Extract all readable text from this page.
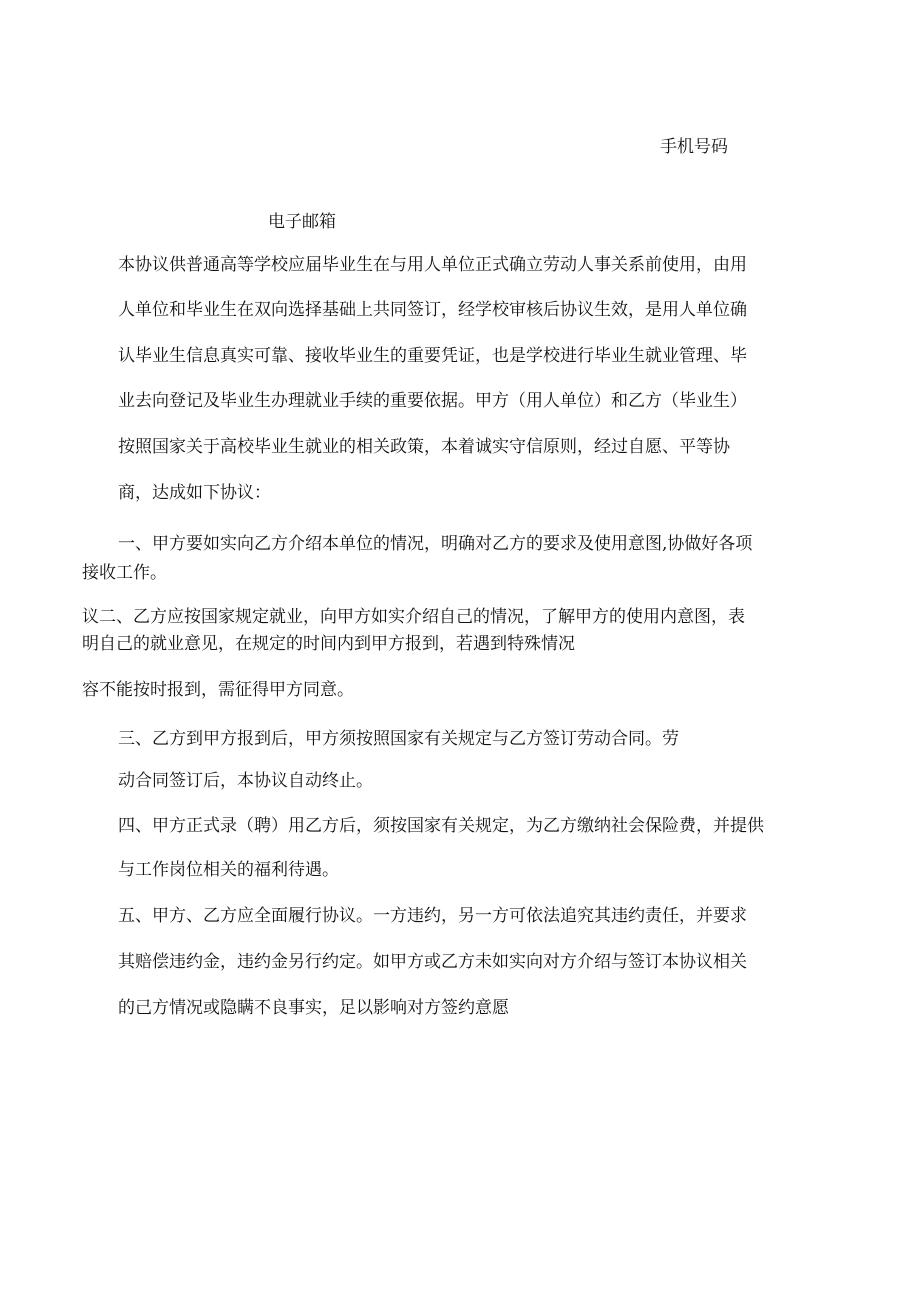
手机号码

电子邮箱

本协议供普通高等学校应届毕业生在与用人单位正式确立劳动人事关系前使用，由用

人单位和毕业生在双向选择基础上共同签订，经学校审核后协议生效，是用人单位确

认毕业生信息真实可靠、接收毕业生的重要凭证，也是学校进行毕业生就业管理、毕

业去向登记及毕业生办理就业手续的重要依据。甲方（用人单位）和乙方（毕业生）

按照国家关于高校毕业生就业的相关政策，本着诚实守信原则，经过自愿、平等协

商，达成如下协议：

一、甲方要如实向乙方介绍本单位的情况，明确对乙方的要求及使用意图,协做好各项

接收工作。

议二、乙方应按国家规定就业，向甲方如实介绍自己的情况，了解甲方的使用内意图，表

明自己的就业意见，在规定的时间内到甲方报到，若遇到特殊情况

容不能按时报到，需征得甲方同意。

三、乙方到甲方报到后，甲方须按照国家有关规定与乙方签订劳动合同。劳

动合同签订后，本协议自动终止。

四、甲方正式录（聘）用乙方后，须按国家有关规定，为乙方缴纳社会保险费，并提供

与工作岗位相关的福利待遇。

五、甲方、乙方应全面履行协议。一方违约，另一方可依法追究其违约责任，并要求

其赔偿违约金，违约金另行约定。如甲方或乙方未如实向对方介绍与签订本协议相关

的己方情况或隐瞒不良事实，足以影响对方签约意愿
